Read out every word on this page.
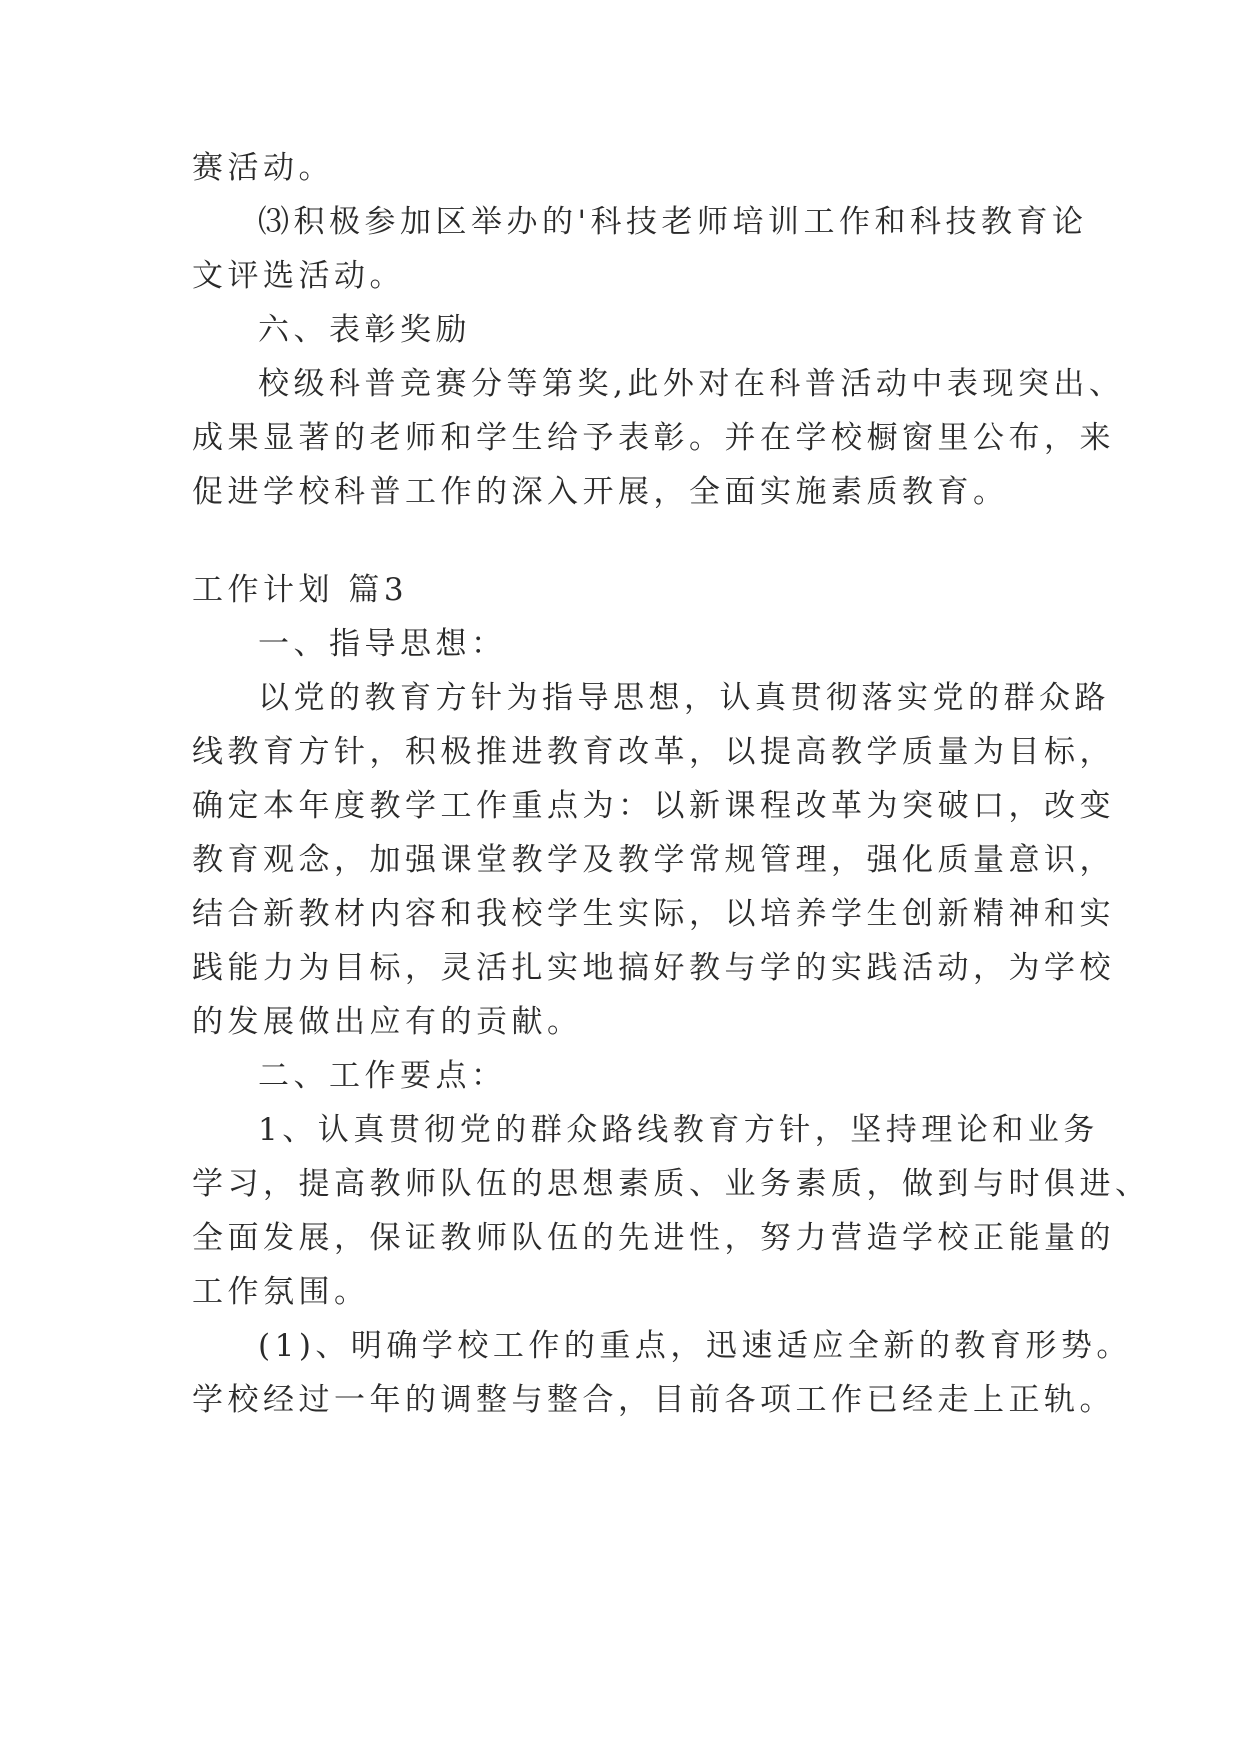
赛活动。
⑶积极参加区举办的'科技老师培训工作和科技教育论
文评选活动。
六、表彰奖励
校级科普竞赛分等第奖,此外对在科普活动中表现突出、
成果显著的老师和学生给予表彰。并在学校橱窗里公布，来
促进学校科普工作的深入开展，全面实施素质教育。
工作计划 篇3
一、指导思想：
以党的教育方针为指导思想，认真贯彻落实党的群众路
线教育方针，积极推进教育改革，以提高教学质量为目标，
确定本年度教学工作重点为：以新课程改革为突破口，改变
教育观念，加强课堂教学及教学常规管理，强化质量意识，
结合新教材内容和我校学生实际，以培养学生创新精神和实
践能力为目标，灵活扎实地搞好教与学的实践活动，为学校
的发展做出应有的贡献。
二、工作要点：
1、认真贯彻党的群众路线教育方针，坚持理论和业务
学习，提高教师队伍的思想素质、业务素质，做到与时俱进、
全面发展，保证教师队伍的先进性，努力营造学校正能量的
工作氛围。
(1)、明确学校工作的重点，迅速适应全新的教育形势。
学校经过一年的调整与整合，目前各项工作已经走上正轨。
